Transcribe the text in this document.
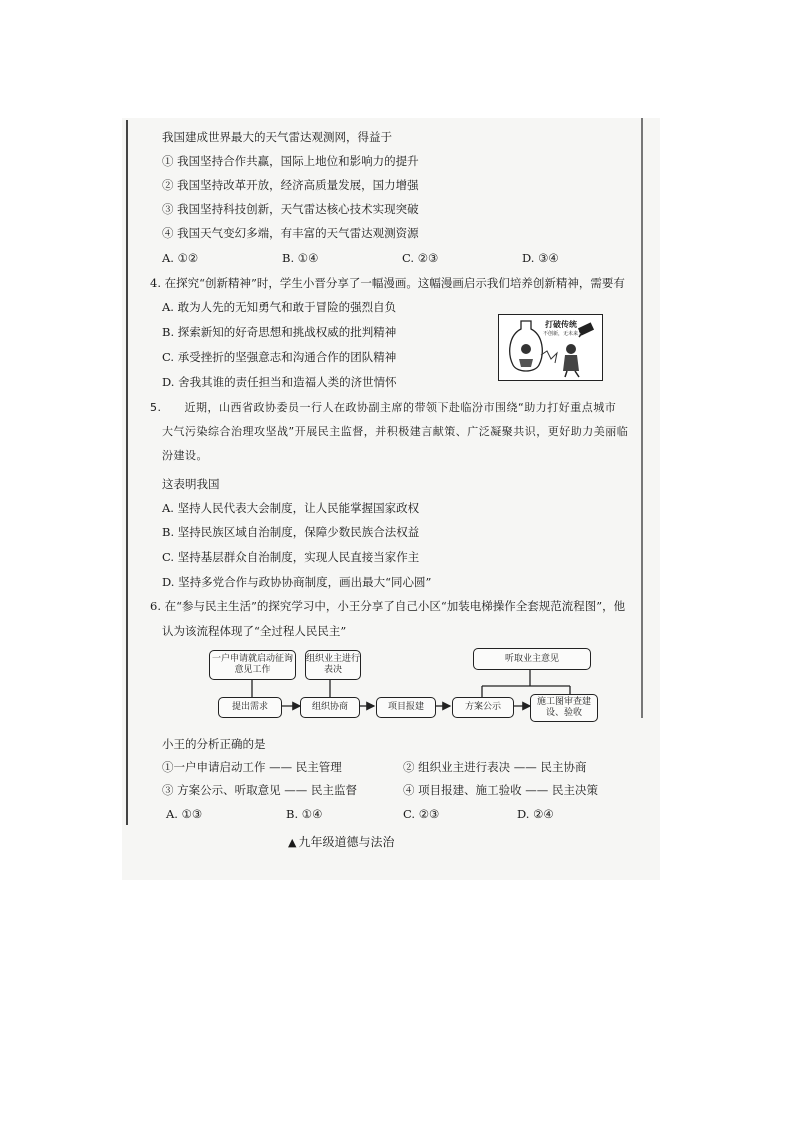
我国建成世界最大的天气雷达观测网，得益于
① 我国坚持合作共赢，国际上地位和影响力的提升
② 我国坚持改革开放，经济高质量发展，国力增强
③ 我国坚持科技创新，天气雷达核心技术实现突破
④ 我国天气变幻多端，有丰富的天气雷达观测资源
A. ①②	B. ①④	C. ②③	D. ③④
4. 在探究“创新精神”时，学生小晋分享了一幅漫画。这幅漫画启示我们培养创新精神，需要有
A. 敢为人先的无知勇气和敢于冒险的强烈自负
B. 探索新知的好奇思想和挑战权威的批判精神
C. 承受挫折的坚强意志和沟通合作的团队精神
D. 舍我其谁的责任担当和造福人类的济世情怀
打破传统
不创新，无未来！
5.　　近期，山西省政协委员一行人在政协副主席的带领下赴临汾市围绕“助力打好重点城市
大气污染综合治理攻坚战”开展民主监督，并积极建言献策、广泛凝聚共识，更好助力美丽临
汾建设。
这表明我国
A. 坚持人民代表大会制度，让人民能掌握国家政权
B. 坚持民族区域自治制度，保障少数民族合法权益
C. 坚持基层群众自治制度，实现人民直接当家作主
D. 坚持多党合作与政协协商制度，画出最大“同心圆”
6. 在“参与民主生活”的探究学习中，小王分享了自己小区“加装电梯操作全套规范流程图”，他
认为该流程体现了“全过程人民民主”
一户申请就启动征询意见工作
组织业主进行表决
听取业主意见
提出需求	组织协商	项目报建	方案公示	施工图审查建设、验收
小王的分析正确的是
①一户申请启动工作 —— 民主管理	② 组织业主进行表决 —— 民主协商
③ 方案公示、听取意见 —— 民主监督	④ 项目报建、施工验收 —— 民主决策
A. ①③	B. ①④	C. ②③	D. ②④
▲ 九年级道德与法治
